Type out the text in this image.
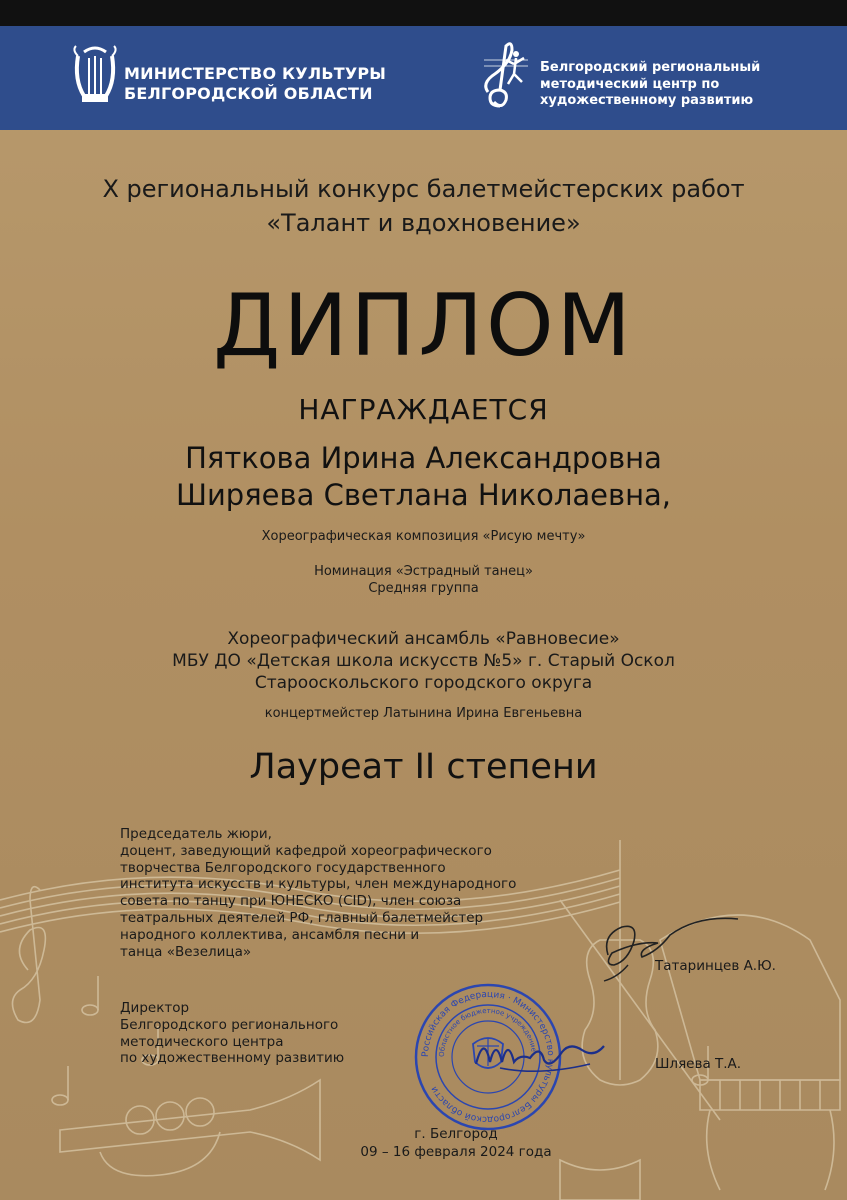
МИНИСТЕРСТВО КУЛЬТУРЫ
БЕЛГОРОДСКОЙ ОБЛАСТИ
Белгородский региональный
методический центр по
художественному развитию
X региональный конкурс балетмейстерских работ
«Талант и вдохновение»
ДИПЛОМ
НАГРАЖДАЕТСЯ
Пяткова Ирина Александровна
Ширяева Светлана Николаевна,
Хореографическая композиция «Рисую мечту»
Номинация «Эстрадный танец»
Средняя группа
Хореографический ансамбль «Равновесие»
МБУ ДО «Детская школа искусств №5» г. Старый Оскол
Старооскольского городского округа
концертмейстер Латынина Ирина Евгеньевна
Лауреат II степени
Председатель жюри,
доцент, заведующий кафедрой хореографического
творчества Белгородского государственного
института искусств и культуры, член международного
совета по танцу при ЮНЕСКО (CID), член союза
театральных деятелей РФ, главный балетмейстер
народного коллектива, ансамбля песни и
танца «Везелица»
Татаринцев А.Ю.
Директор
Белгородского регионального
методического центра
по художественному развитию	Российская Федерация · Министерство культуры Белгородской области
Областное бюджетное учреждение
Шляева Т.А.
г. Белгород
09 – 16 февраля 2024 года
